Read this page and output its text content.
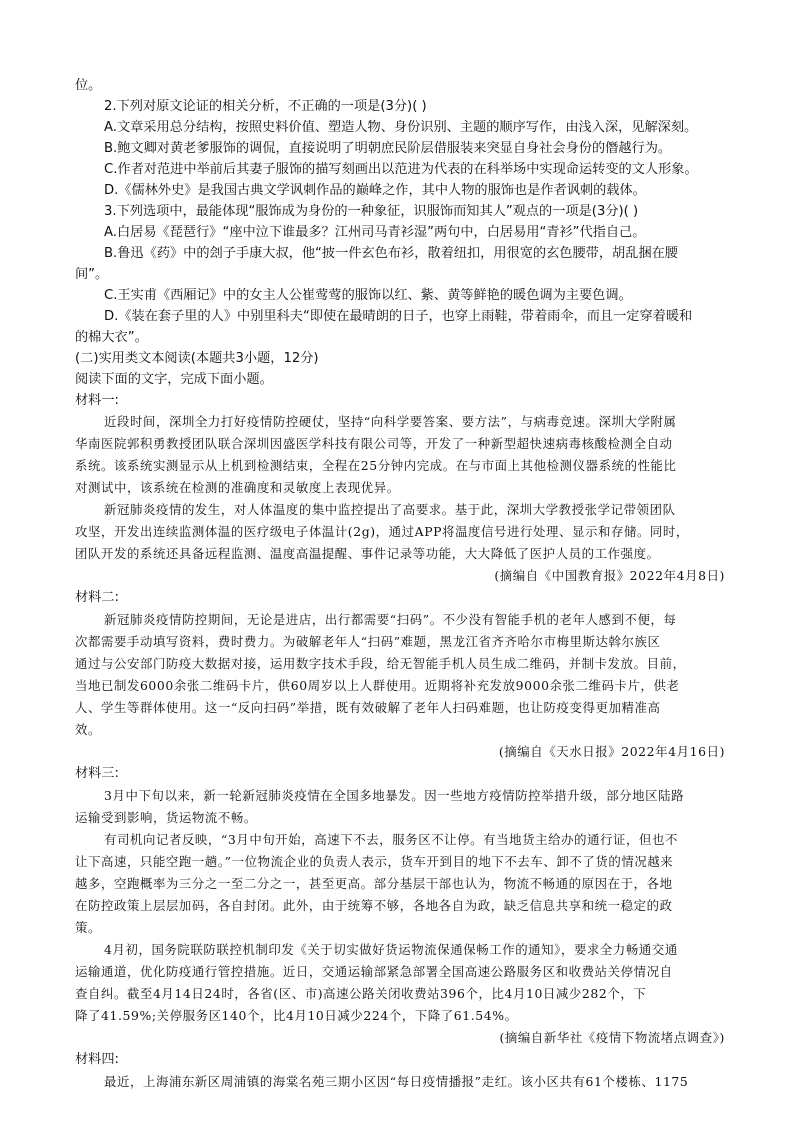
位。
2.下列对原文论证的相关分析，不正确的一项是(3分)( )
A.文章采用总分结构，按照史料价值、塑造人物、身份识别、主题的顺序写作，由浅入深，见解深刻。
B.鲍文卿对黄老爹服饰的调侃，直接说明了明朝庶民阶层借服装来突显自身社会身份的僭越行为。
C.作者对范进中举前后其妻子服饰的描写刻画出以范进为代表的在科举场中实现命运转变的文人形象。
D.《儒林外史》是我国古典文学讽刺作品的巅峰之作，其中人物的服饰也是作者讽刺的载体。
3.下列选项中，最能体现“服饰成为身份的一种象征，识服饰而知其人”观点的一项是(3分)( )
A.白居易《琵琶行》“座中泣下谁最多？江州司马青衫湿”两句中，白居易用“青衫”代指自己。
B.鲁迅《药》中的刽子手康大叔，他“披一件玄色布衫，散着纽扣，用很宽的玄色腰带，胡乱捆在腰
间”。
C.王实甫《西厢记》中的女主人公崔莺莺的服饰以红、紫、黄等鲜艳的暖色调为主要色调。
D.《装在套子里的人》中别里科夫“即使在最晴朗的日子，也穿上雨鞋，带着雨伞，而且一定穿着暖和
的棉大衣”。
(二)实用类文本阅读(本题共3小题，12分)
阅读下面的文字，完成下面小题。
材料一:
近段时间，深圳全力打好疫情防控硬仗，坚持“向科学要答案、要方法”，与病毒竞速。深圳大学附属
华南医院郭积勇教授团队联合深圳因盛医学科技有限公司等，开发了一种新型超快速病毒核酸检测全自动
系统。该系统实测显示从上机到检测结束，全程在25分钟内完成。在与市面上其他检测仪器系统的性能比
对测试中，该系统在检测的准确度和灵敏度上表现优异。
新冠肺炎疫情的发生，对人体温度的集中监控提出了高要求。基于此，深圳大学教授张学记带领团队
攻坚，开发出连续监测体温的医疗级电子体温计(2g)，通过APP将温度信号进行处理、显示和存储。同时，
团队开发的系统还具备远程监测、温度高温提醒、事件记录等功能，大大降低了医护人员的工作强度。
(摘编自《中国教育报》2022年4月8日)
材料二:
新冠肺炎疫情防控期间，无论是进店，出行都需要“扫码”。不少没有智能手机的老年人感到不便，每
次都需要手动填写资料，费时费力。为破解老年人“扫码”难题，黑龙江省齐齐哈尔市梅里斯达斡尔族区
通过与公安部门防疫大数据对接，运用数字技术手段，给无智能手机人员生成二维码，并制卡发放。目前，
当地已制发6000余张二维码卡片，供60周岁以上人群使用。近期将补充发放9000余张二维码卡片，供老
人、学生等群体使用。这一“反向扫码”举措，既有效破解了老年人扫码难题，也让防疫变得更加精准高
效。
(摘编自《天水日报》2022年4月16日)
材料三:
3月中下旬以来，新一轮新冠肺炎疫情在全国多地暴发。因一些地方疫情防控举措升级，部分地区陆路
运输受到影响，货运物流不畅。
有司机向记者反映，“3月中旬开始，高速下不去，服务区不让停。有当地货主给办的通行证，但也不
让下高速，只能空跑一趟。”一位物流企业的负责人表示，货车开到目的地下不去车、卸不了货的情况越来
越多，空跑概率为三分之一至二分之一，甚至更高。部分基层干部也认为，物流不畅通的原因在于，各地
在防控政策上层层加码，各自封闭。此外，由于统筹不够，各地各自为政，缺乏信息共享和统一稳定的政
策。
4月初，国务院联防联控机制印发《关于切实做好货运物流保通保畅工作的通知》，要求全力畅通交通
运输通道，优化防疫通行管控措施。近日，交通运输部紧急部署全国高速公路服务区和收费站关停情况自
查自纠。截至4月14日24时，各省(区、市)高速公路关闭收费站396个，比4月10日减少282个，下
降了41.59%;关停服务区140个，比4月10日减少224个，下降了61.54%。
(摘编自新华社《疫情下物流堵点调查》)
材料四:
最近，上海浦东新区周浦镇的海棠名苑三期小区因“每日疫情播报”走红。该小区共有61个楼栋、1175
